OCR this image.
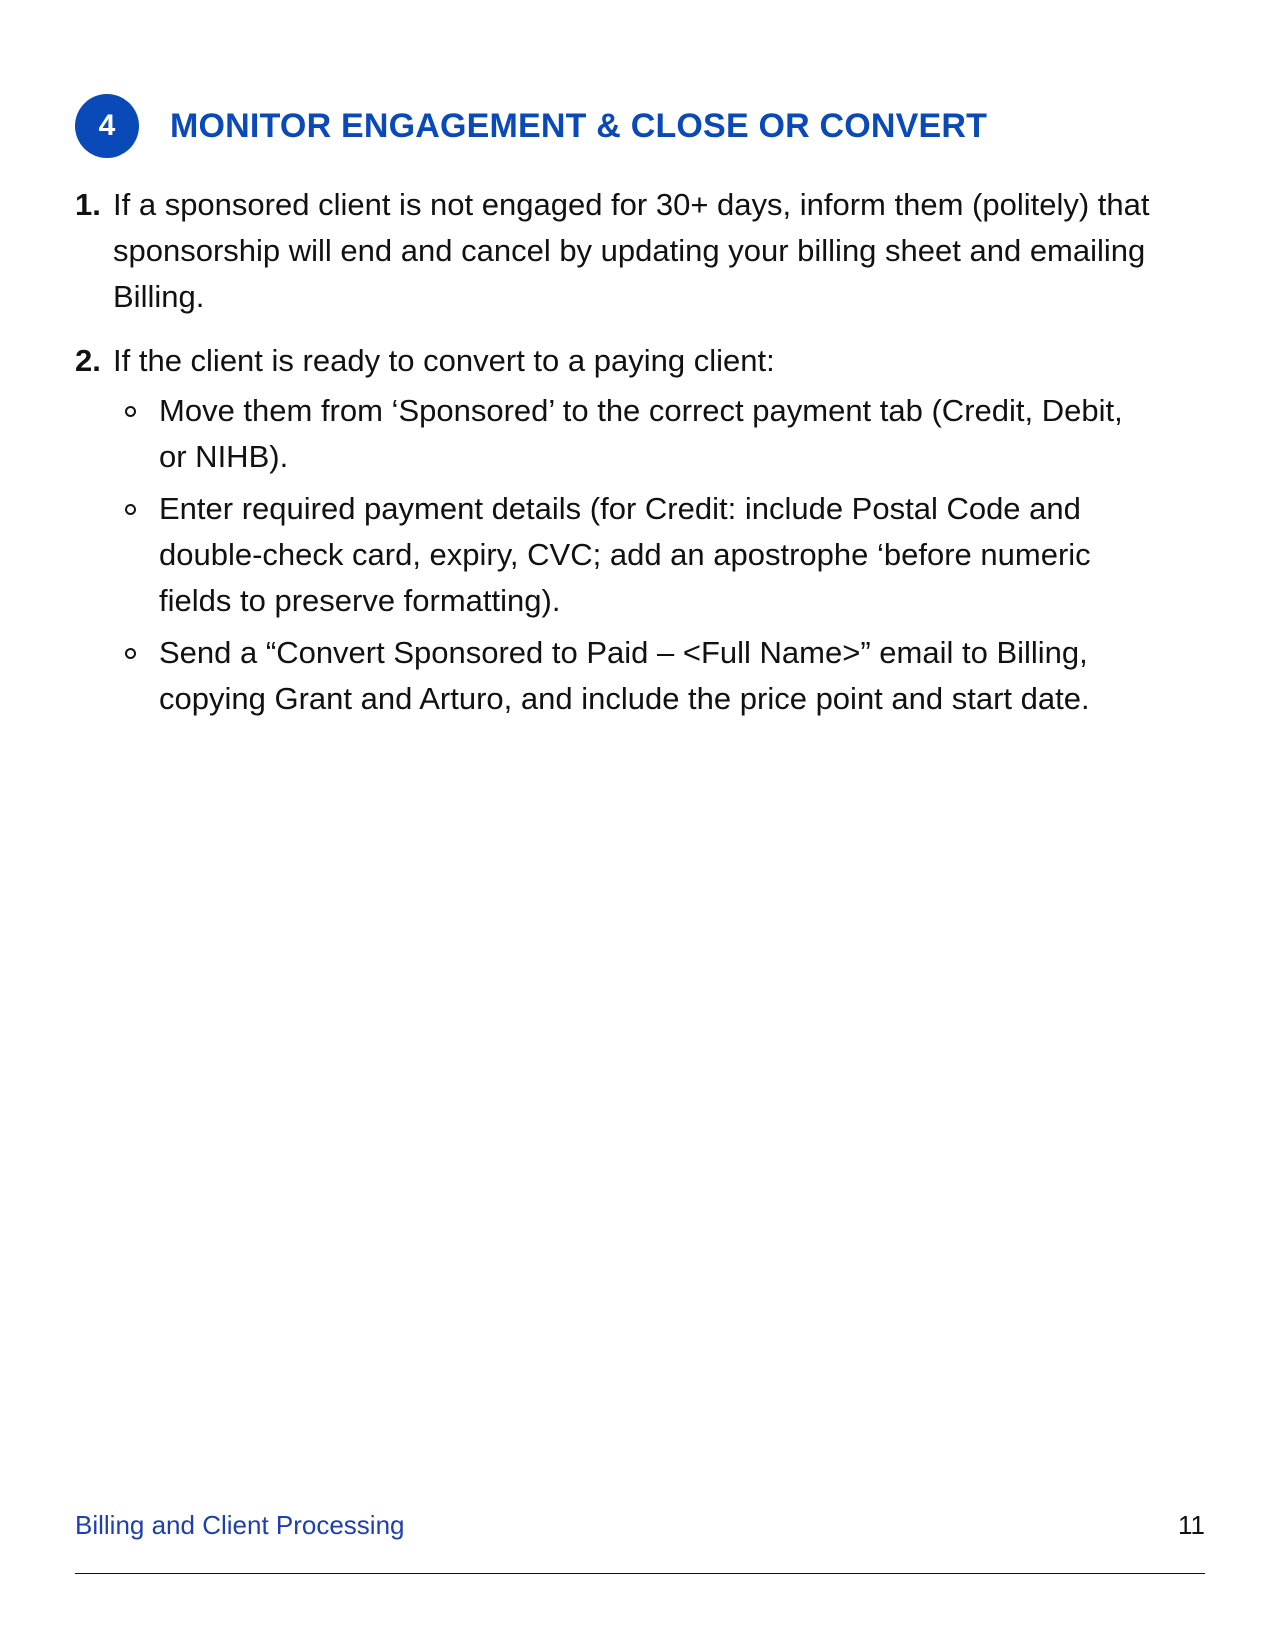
4	MONITOR ENGAGEMENT & CLOSE OR CONVERT
1. If a sponsored client is not engaged for 30+ days, inform them (politely) that sponsorship will end and cancel by updating your billing sheet and emailing Billing.
2. If the client is ready to convert to a paying client:
Move them from ‘Sponsored’ to the correct payment tab (Credit, Debit, or NIHB).
Enter required payment details (for Credit: include Postal Code and double-check card, expiry, CVC; add an apostrophe ‘before numeric fields to preserve formatting).
Send a “Convert Sponsored to Paid – <Full Name>” email to Billing, copying Grant and Arturo, and include the price point and start date.
Billing and Client Processing	11
